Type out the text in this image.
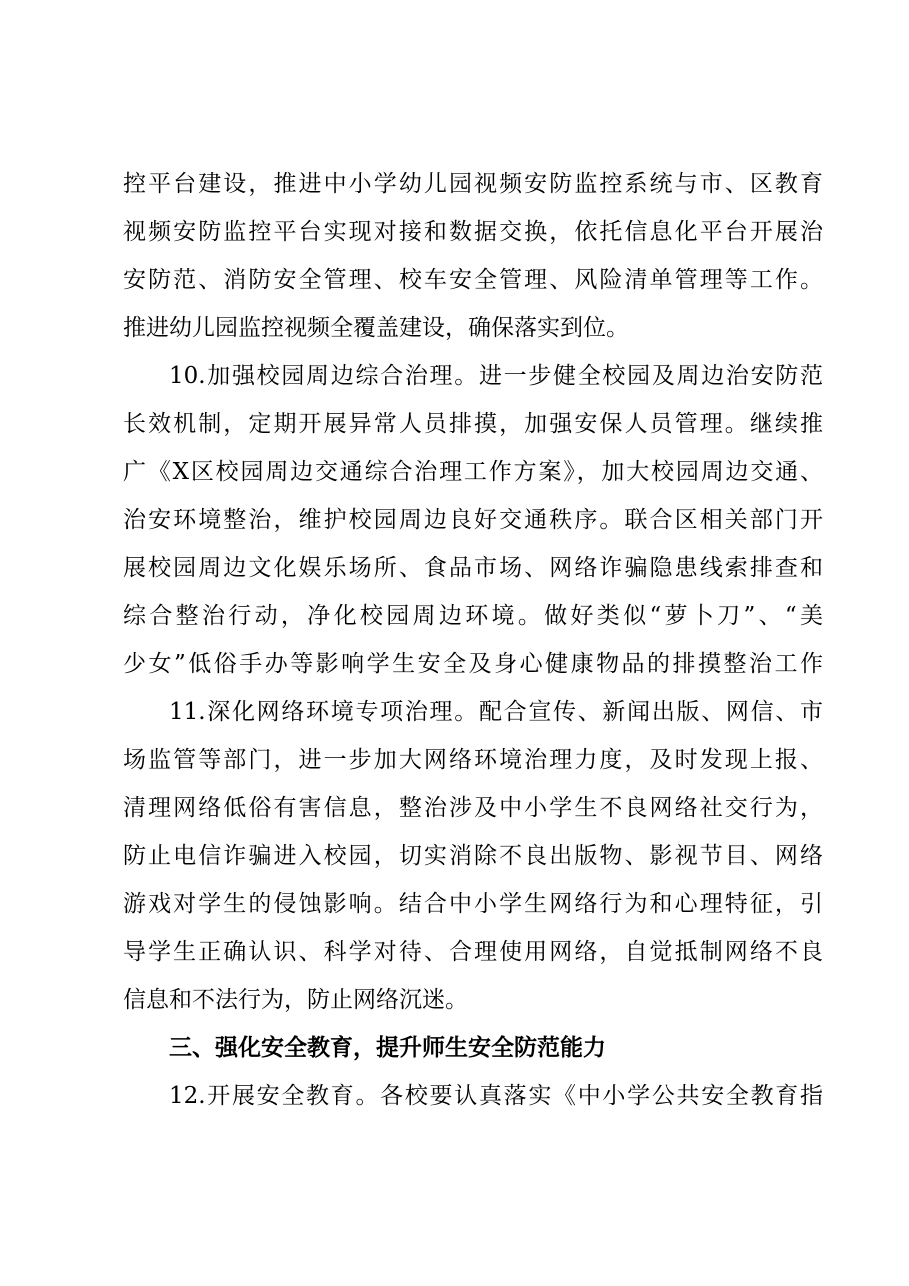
控平台建设，推进中小学幼儿园视频安防监控系统与市、区教育
视频安防监控平台实现对接和数据交换，依托信息化平台开展治
安防范、消防安全管理、校车安全管理、风险清单管理等工作。
推进幼儿园监控视频全覆盖建设，确保落实到位。
10.加强校园周边综合治理。进一步健全校园及周边治安防范
长效机制，定期开展异常人员排摸，加强安保人员管理。继续推
广《X区校园周边交通综合治理工作方案》，加大校园周边交通、
治安环境整治，维护校园周边良好交通秩序。联合区相关部门开
展校园周边文化娱乐场所、食品市场、网络诈骗隐患线索排查和
综合整治行动，净化校园周边环境。做好类似“萝卜刀”、“美
少女”低俗手办等影响学生安全及身心健康物品的排摸整治工作
11.深化网络环境专项治理。配合宣传、新闻出版、网信、市
场监管等部门，进一步加大网络环境治理力度，及时发现上报、
清理网络低俗有害信息，整治涉及中小学生不良网络社交行为，
防止电信诈骗进入校园，切实消除不良出版物、影视节目、网络
游戏对学生的侵蚀影响。结合中小学生网络行为和心理特征，引
导学生正确认识、科学对待、合理使用网络，自觉抵制网络不良
信息和不法行为，防止网络沉迷。
三、强化安全教育，提升师生安全防范能力
12.开展安全教育。各校要认真落实《中小学公共安全教育指
